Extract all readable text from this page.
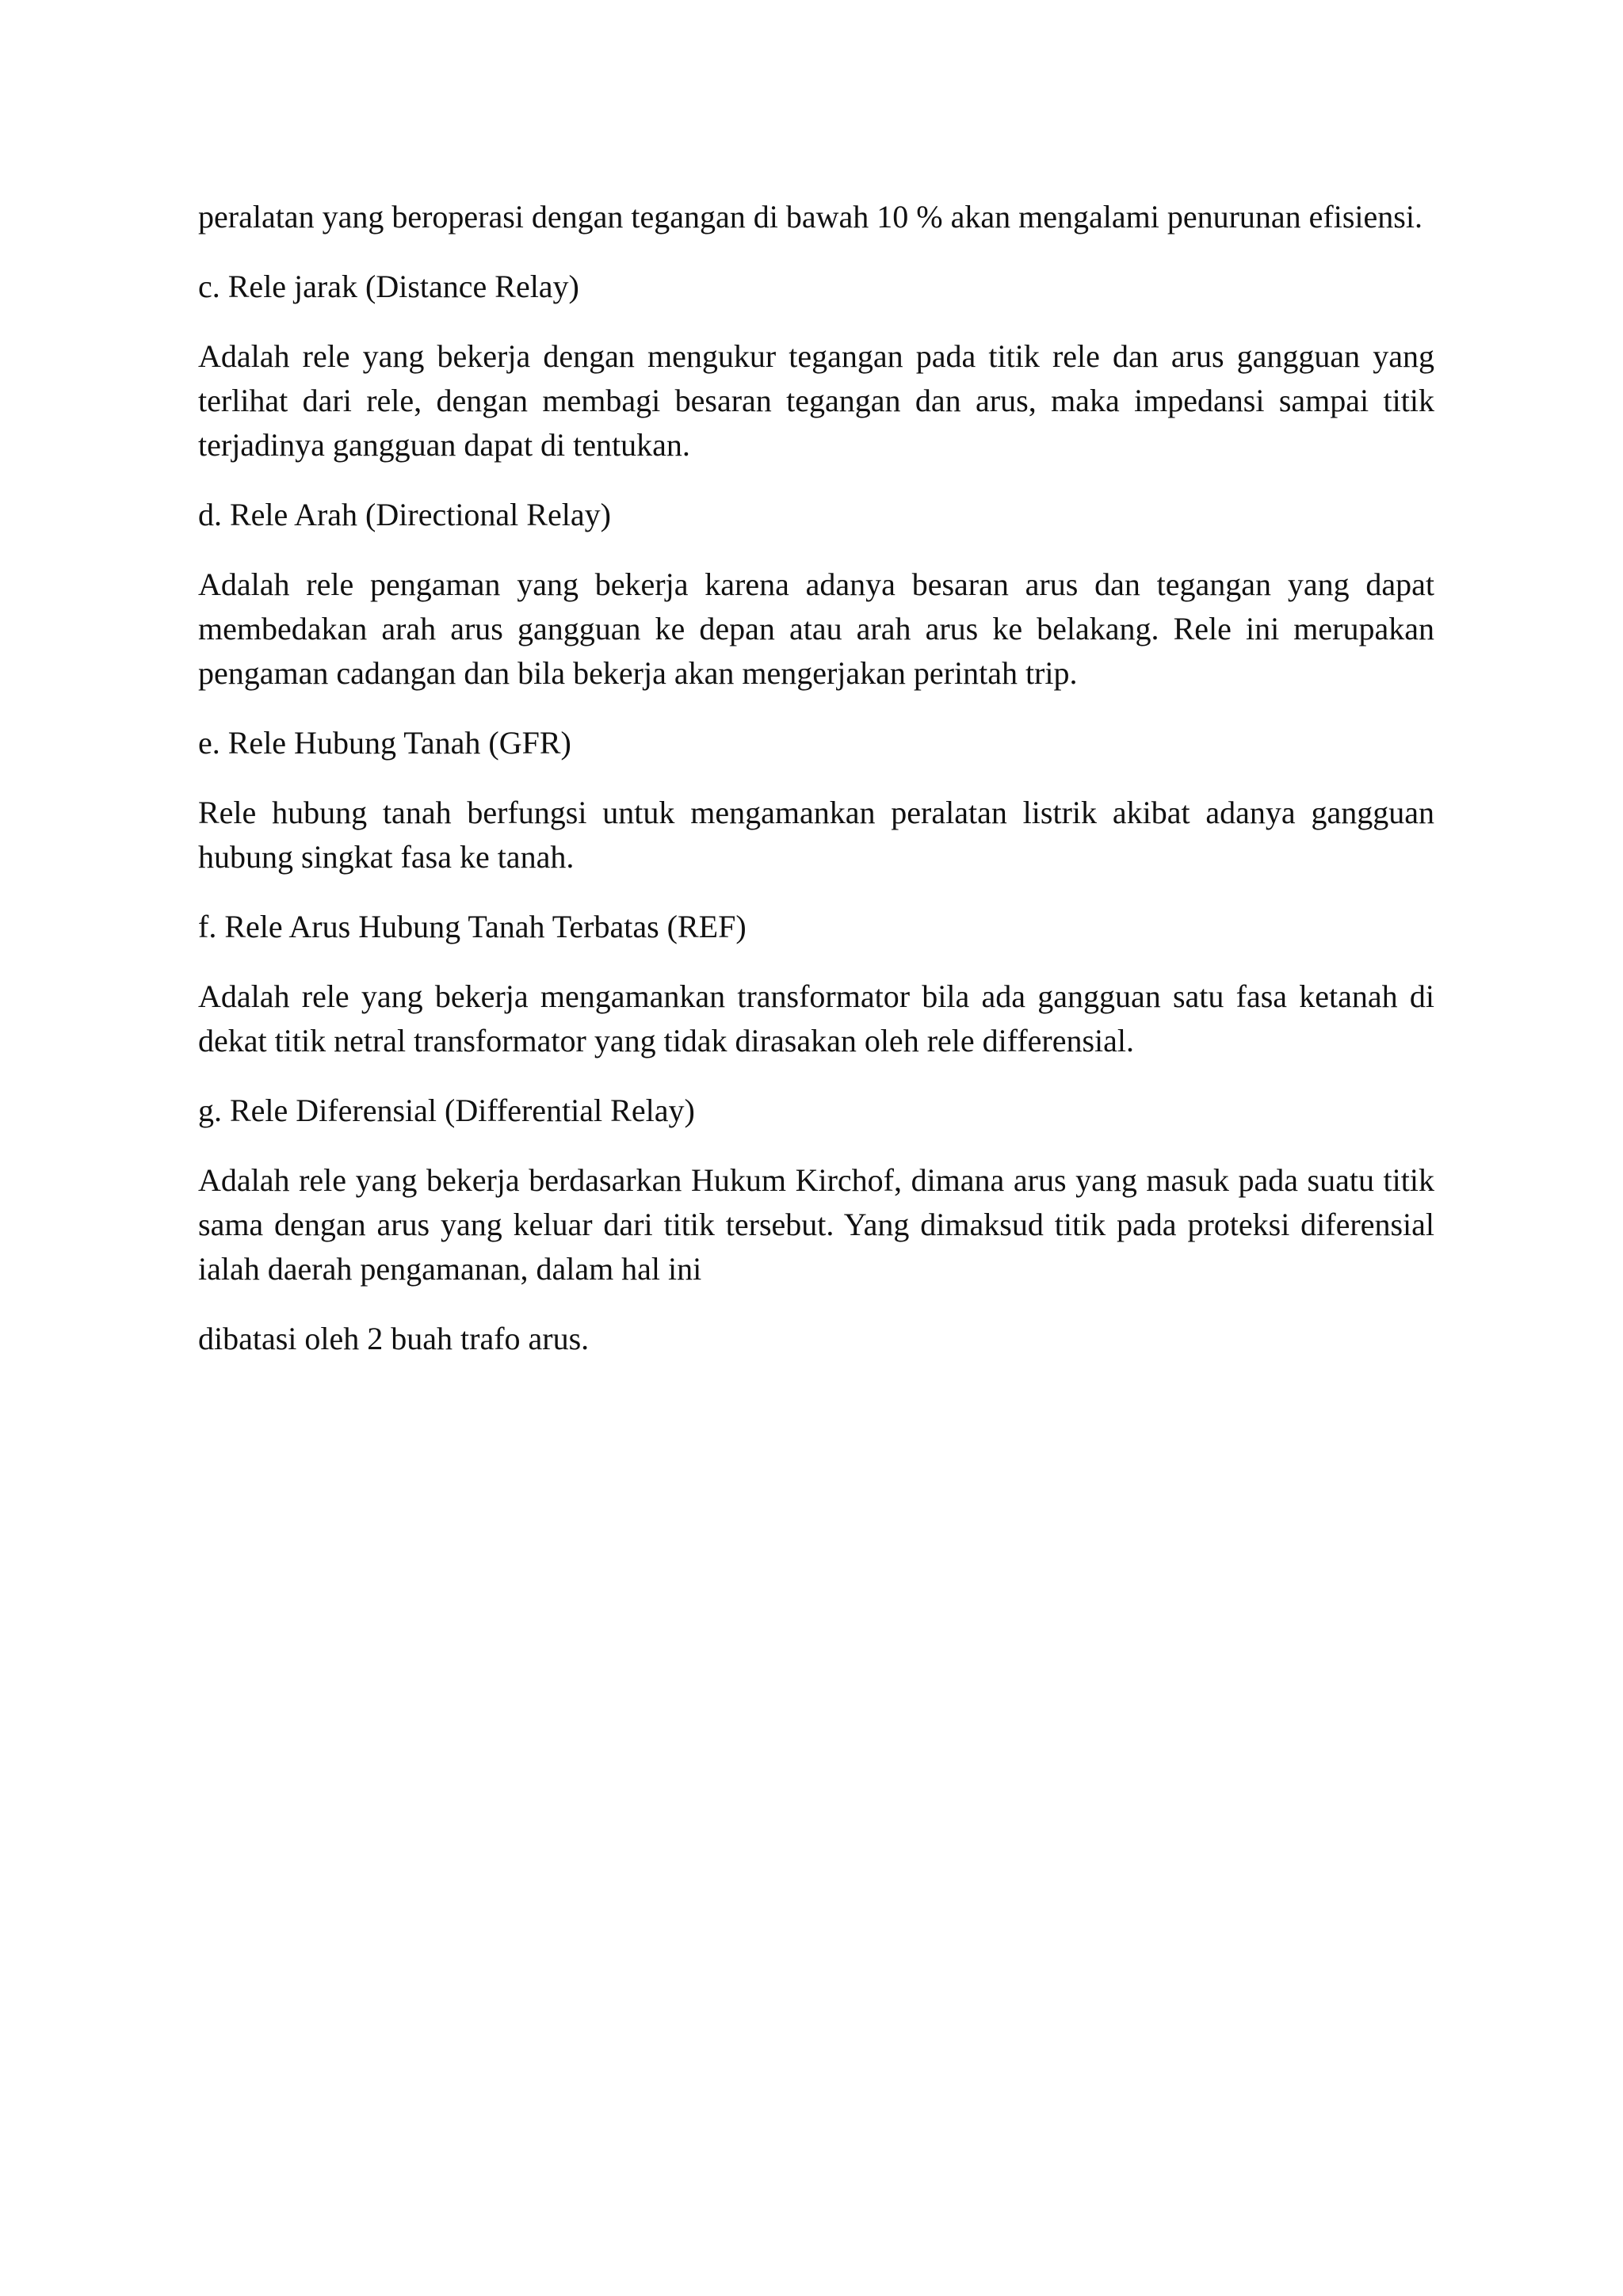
peralatan yang beroperasi dengan tegangan di bawah 10 % akan mengalami penurunan efisiensi.

c. Rele jarak (Distance Relay)

Adalah rele yang bekerja dengan mengukur tegangan pada titik rele dan arus gangguan yang terlihat dari rele, dengan membagi besaran tegangan dan arus, maka impedansi sampai titik terjadinya gangguan dapat di tentukan.

d. Rele Arah (Directional Relay)

Adalah rele pengaman yang bekerja karena adanya besaran arus dan tegangan yang dapat membedakan arah arus gangguan ke depan atau arah arus ke belakang. Rele ini merupakan pengaman cadangan dan bila bekerja akan mengerjakan perintah trip.

e. Rele Hubung Tanah (GFR)

Rele hubung tanah berfungsi untuk mengamankan peralatan listrik akibat adanya gangguan hubung singkat fasa ke tanah.

f. Rele Arus Hubung Tanah Terbatas (REF)

Adalah rele yang bekerja mengamankan transformator bila ada gangguan satu fasa ketanah di dekat titik netral transformator yang tidak dirasakan oleh rele differensial.

g. Rele Diferensial (Differential Relay)

Adalah rele yang bekerja berdasarkan Hukum Kirchof, dimana arus yang masuk pada suatu titik sama dengan arus yang keluar dari titik tersebut. Yang dimaksud titik pada proteksi diferensial ialah daerah pengamanan, dalam hal ini

dibatasi oleh 2 buah trafo arus.
